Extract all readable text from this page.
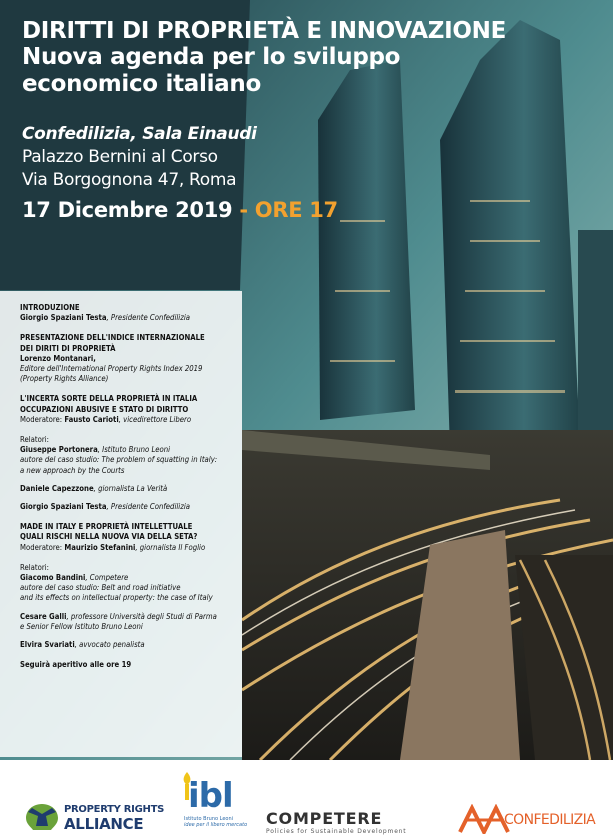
DIRITTI DI PROPRIETÀ E INNOVAZIONE
Nuova agenda per lo sviluppo
economico italiano
Confedilizia, Sala Einaudi
Palazzo Bernini al Corso
Via Borgognona 47, Roma
17 Dicembre 2019 - ORE 17
INTRODUZIONE
Giorgio Spaziani Testa, Presidente Confedilizia
PRESENTAZIONE DELL'INDICE INTERNAZIONALE
DEI DIRITI DI PROPRIETÀ
Lorenzo Montanari,
Editore dell'International Property Rights Index 2019
(Property Rights Alliance)
L'INCERTA SORTE DELLA PROPRIETÀ IN ITALIA
OCCUPAZIONI ABUSIVE E STATO DI DIRITTO
Moderatore: Fausto Carioti, vicedirettore Libero
Relatori:
Giuseppe Portonera, Istituto Bruno Leoni
autore del caso studio: The problem of squatting in Italy:
a new approach by the Courts
Daniele Capezzone, giornalista La Verità
Giorgio Spaziani Testa, Presidente Confedilizia
MADE IN ITALY E PROPRIETÀ INTELLETTUALE
QUALI RISCHI NELLA NUOVA VIA DELLA SETA?
Moderatore: Maurizio Stefanini, giornalista Il Foglio
Relatori:
Giacomo Bandini, Competere
autore del caso studio: Belt and road initiative
and its effects on intellectual property: the case of Italy
Cesare Galli, professore Università degli Studi di Parma
e Senior Fellow Istituto Bruno Leoni
Elvira Svariati, avvocato penalista
Seguirà aperitivo alle ore 19
PROPERTY RIGHTS
ALLIANCE
ibl
Istituto Bruno Leoni
idee per il libero mercato COMPETERE
Policies for Sustainable Development
CONFEDILIZIA
